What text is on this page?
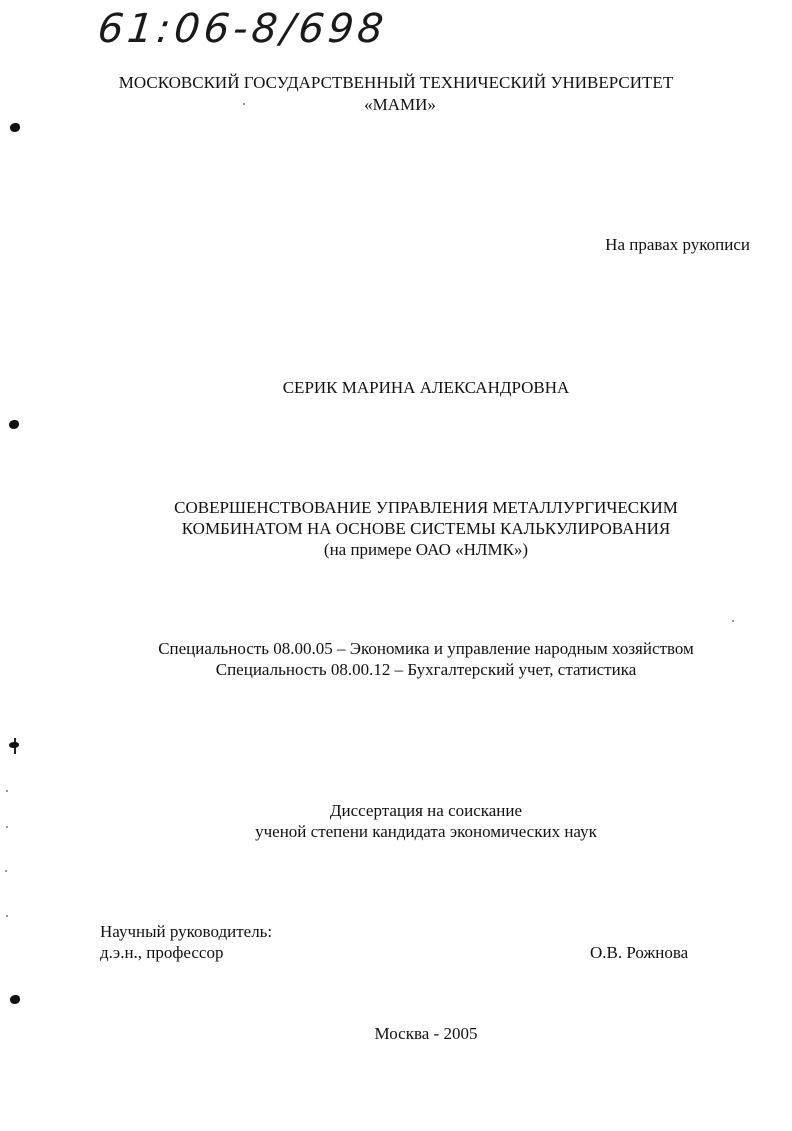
61:06-8/698
МОСКОВСКИЙ ГОСУДАРСТВЕННЫЙ ТЕХНИЧЕСКИЙ УНИВЕРСИТЕТ
«МАМИ»
На правах рукописи
СЕРИК МАРИНА АЛЕКСАНДРОВНА
СОВЕРШЕНСТВОВАНИЕ УПРАВЛЕНИЯ МЕТАЛЛУРГИЧЕСКИМ
КОМБИНАТОМ НА ОСНОВЕ СИСТЕМЫ КАЛЬКУЛИРОВАНИЯ
(на примере ОАО «НЛМК»)
Специальность 08.00.05 – Экономика и управление народным хозяйством
Специальность 08.00.12 – Бухгалтерский учет, статистика
Диссертация на соискание
ученой степени кандидата экономических наук
Научный руководитель:
д.э.н., профессор	О.В. Рожнова
Москва - 2005
